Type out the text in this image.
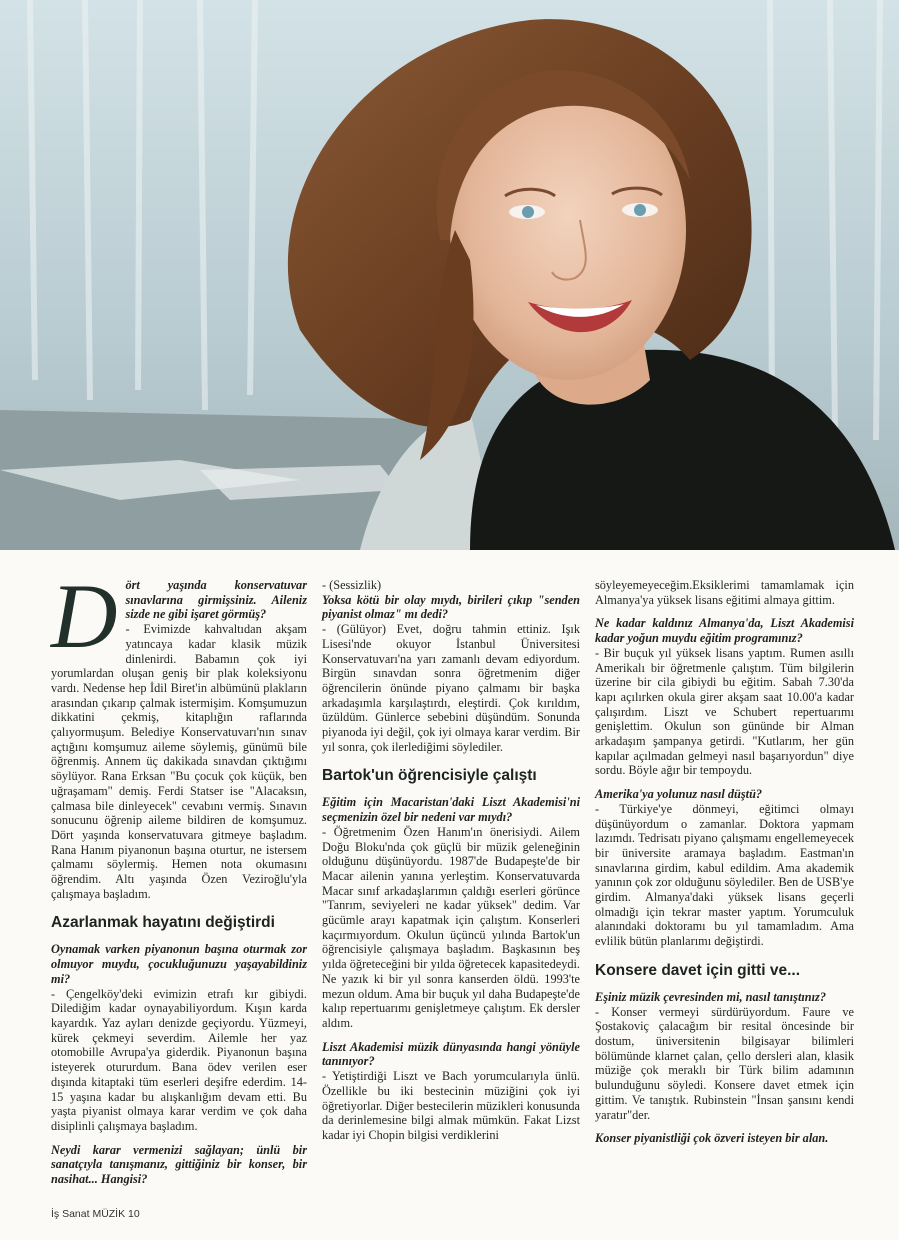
D ört yaşında konservatuvar sınavlarına girmişsiniz. Aileniz sizde ne gibi işaret görmüş?

- Evimizde kahvaltıdan akşam yatıncaya kadar klasik müzik dinlenirdi. Babamın çok iyi yorumlardan oluşan geniş bir plak koleksiyonu vardı. Nedense hep İdil Biret'in albümünü plakların arasından çıkarıp çalmak istermişim. Komşumuzun dikkatini çekmiş, kitaplığın raflarında çalıyormuşum. Belediye Konservatuvarı'nın sınav açtığını komşumuz aileme söylemiş, günümü bile öğrenmiş. Annem üç dakikada sınavdan çıktığımı söylüyor. Rana Erksan "Bu çocuk çok küçük, ben uğraşamam" demiş. Ferdi Statser ise "Alacaksın, çalmasa bile dinleyecek" cevabını vermiş. Sınavın sonucunu öğrenip aileme bildiren de komşumuz. Dört yaşında konservatuvara gitmeye başladım. Rana Hanım piyanonun başına oturtur, ne istersem çalmamı söylermiş. Hemen nota okumasını öğrendim. Altı yaşında Özen Veziroğlu'yla çalışmaya başladım.

Azarlanmak hayatını değiştirdi

Oynamak varken piyanonun başına oturmak zor olmuyor muydu, çocukluğunuzu yaşayabildiniz mi?

- Çengelköy'deki evimizin etrafı kır gibiydi. Dilediğim kadar oynayabiliyordum. Kışın karda kayardık. Yaz ayları denizde geçiyordu. Yüzmeyi, kürek çekmeyi severdim. Ailemle her yaz otomobille Avrupa'ya giderdik. Piyanonun başına isteyerek otururdum. Bana ödev verilen eser dışında kitaptaki tüm eserleri deşifre ederdim. 14-15 yaşına kadar bu alışkanlığım devam etti. Bu yaşta piyanist olmaya karar verdim ve çok daha disiplinli çalışmaya başladım.

Neydi karar vermenizi sağlayan; ünlü bir sanatçıyla tanışmanız, gittiğiniz bir konser, bir nasihat... Hangisi?

- (Sessizlik)

Yoksa kötü bir olay mıydı, birileri çıkıp "senden piyanist olmaz" mı dedi?

- (Gülüyor) Evet, doğru tahmin ettiniz. Işık Lisesi'nde okuyor İstanbul Üniversitesi Konservatuvarı'na yarı zamanlı devam ediyordum. Birgün sınavdan sonra öğretmenim diğer öğrencilerin önünde piyano çalmamı bir başka arkadaşımla karşılaştırdı, eleştirdi. Çok kırıldım, üzüldüm. Günlerce sebebini düşündüm. Sonunda piyanoda iyi değil, çok iyi olmaya karar verdim. Bir yıl sonra, çok ilerlediğimi söylediler.

Bartok'un öğrencisiyle çalıştı

Eğitim için Macaristan'daki Liszt Akademisi'ni seçmenizin özel bir nedeni var mıydı?

- Öğretmenim Özen Hanım'ın önerisiydi. Ailem Doğu Bloku'nda çok güçlü bir müzik geleneğinin olduğunu düşünüyordu. 1987'de Budapeşte'de bir Macar ailenin yanına yerleştim. Konservatuvarda Macar sınıf arkadaşlarımın çaldığı eserleri görünce "Tanrım, seviyeleri ne kadar yüksek" dedim. Var gücümle arayı kapatmak için çalıştım. Konserleri kaçırmıyordum. Okulun üçüncü yılında Bartok'un öğrencisiyle çalışmaya başladım. Başkasının beş yılda öğreteceğini bir yılda öğretecek kapasitedeydi. Ne yazık ki bir yıl sonra kanserden öldü. 1993'te mezun oldum. Ama bir buçuk yıl daha Budapeşte'de kalıp repertuarımı genişletmeye çalıştım. Ek dersler aldım.

Liszt Akademisi müzik dünyasında hangi yönüyle tanınıyor?

- Yetiştirdiği Liszt ve Bach yorumcularıyla ünlü. Özellikle bu iki bestecinin müziğini çok iyi öğretiyorlar. Diğer bestecilerin müzikleri konusunda da derinlemesine bilgi almak mümkün. Fakat Lizst kadar iyi Chopin bilgisi verdiklerini

söyleyemeyeceğim.Eksiklerimi tamamlamak için Almanya'ya yüksek lisans eğitimi almaya gittim.

Ne kadar kaldınız Almanya'da, Liszt Akademisi kadar yoğun muydu eğitim programınız?

- Bir buçuk yıl yüksek lisans yaptım. Rumen asıllı Amerikalı bir öğretmenle çalıştım. Tüm bilgilerin üzerine bir cila gibiydi bu eğitim. Sabah 7.30'da kapı açılırken okula girer akşam saat 10.00'a kadar çalışırdım. Liszt ve Schubert repertuarımı genişlettim. Okulun son gününde bir Alman arkadaşım şampanya getirdi. "Kutlarım, her gün kapılar açılmadan gelmeyi nasıl başarıyordun" diye sordu. Böyle ağır bir tempoydu.

Amerika'ya yolunuz nasıl düştü?

- Türkiye'ye dönmeyi, eğitimci olmayı düşünüyordum o zamanlar. Doktora yapmam lazımdı. Tedrisatı piyano çalışmamı engellemeyecek bir üniversite aramaya başladım. Eastman'ın sınavlarına girdim, kabul edildim. Ama akademik yanının çok zor olduğunu söylediler. Ben de USB'ye girdim. Almanya'daki yüksek lisans geçerli olmadığı için tekrar master yaptım. Yorumculuk alanındaki doktoramı bu yıl tamamladım. Ama evlilik bütün planlarımı değiştirdi.

Konsere davet için gitti ve...

Eşiniz müzik çevresinden mi, nasıl tanıştınız?

- Konser vermeyi sürdürüyordum. Faure ve Şostakoviç çalacağım bir resital öncesinde bir dostum, üniversitenin bilgisayar bilimleri bölümünde klarnet çalan, çello dersleri alan, klasik müziğe çok meraklı bir Türk bilim adamının bulunduğunu söyledi. Konsere davet etmek için gittim. Ve tanıştık. Rubinstein "İnsan şansını kendi yaratır"der.

Konser piyanistliği çok özveri isteyen bir alan.

İş Sanat MÜZİK 10
